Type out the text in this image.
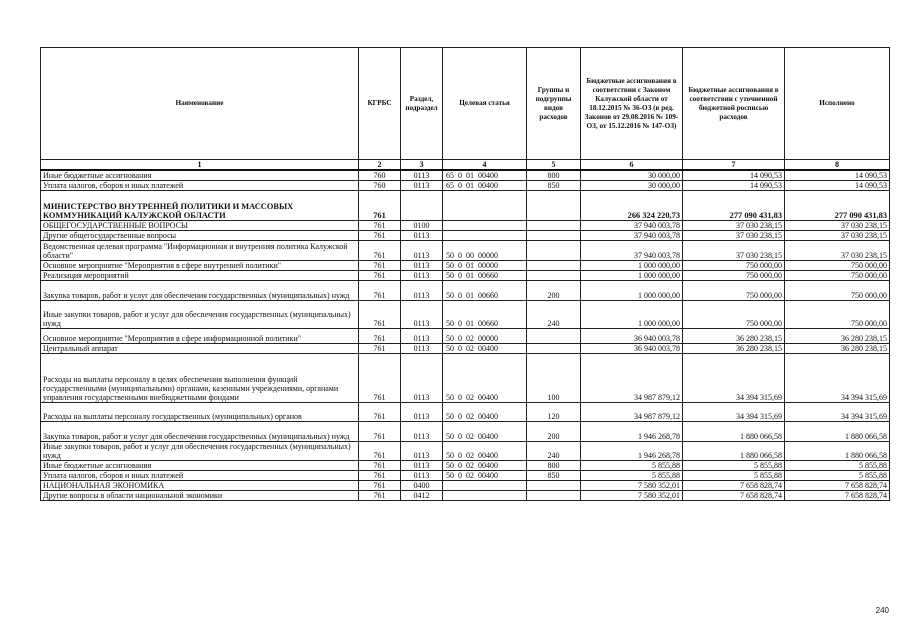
Наименование	КГРБС	Раздел, подраздел	Целевая статья	Группы и подгруппы видов расходов	Бюджетные ассигнования в соответствии с Законом Калужской области от 18.12.2015 № 36-ОЗ (в ред. Законов от 29.08.2016 № 109-ОЗ, от 15.12.2016 № 147-ОЗ)	Бюджетные ассигнования в соответствии с уточненной бюджетной росписью расходов	Исполнено
1	2	3	4	5	6	7	8
Иные бюджетные ассигнования	760	0113	65  0  01  00400	800	30 000,00	14 090,53	14 090,53
Уплата налогов, сборов и иных платежей	760	0113	65  0  01  00400	850	30 000,00	14 090,53	14 090,53
МИНИСТЕРСТВО ВНУТРЕННЕЙ ПОЛИТИКИ И МАССОВЫХ КОММУНИКАЦИЙ КАЛУЖСКОЙ ОБЛАСТИ	761				266 324 220,73	277 090 431,83	277 090 431,83
ОБЩЕГОСУДАРСТВЕННЫЕ ВОПРОСЫ	761	0100			37 940 003,78	37 030 238,15	37 030 238,15
Другие общегосударственные вопросы	761	0113			37 940 003,78	37 030 238,15	37 030 238,15
Ведомственная целевая программа "Информационная и внутренняя политика Калужской области"	761	0113	50  0  00  00000		37 940 003,78	37 030 238,15	37 030 238,15
Основное мероприятие "Мероприятия в сфере внутренней политики"	761	0113	50  0  01  00000		1 000 000,00	750 000,00	750 000,00
Реализация мероприятий	761	0113	50  0  01  00660		1 000 000,00	750 000,00	750 000,00
Закупка товаров, работ и услуг для обеспечения государственных (муниципальных) нужд	761	0113	50  0  01  00660	200	1 000 000,00	750 000,00	750 000,00
Иные закупки товаров, работ и услуг для обеспечения государственных (муниципальных) нужд	761	0113	50  0  01  00660	240	1 000 000,00	750 000,00	750 000,00
Основное мероприятие "Мероприятия в сфере информационной политики"	761	0113	50  0  02  00000		36 940 003,78	36 280 238,15	36 280 238,15
Центральный аппарат	761	0113	50  0  02  00400		36 940 003,78	36 280 238,15	36 280 238,15
Расходы на выплаты персоналу в целях обеспечения выполнения функций государственными (муниципальными) органами, казенными учреждениями, органами управления государственными внебюджетными фондами	761	0113	50  0  02  00400	100	34 987 879,12	34 394 315,69	34 394 315,69
Расходы на выплаты персоналу государственных (муниципальных) органов	761	0113	50  0  02  00400	120	34 987 879,12	34 394 315,69	34 394 315,69
Закупка товаров, работ и услуг для обеспечения государственных (муниципальных) нужд	761	0113	50  0  02  00400	200	1 946 268,78	1 880 066,58	1 880 066,58
Иные закупки товаров, работ и услуг для обеспечения государственных (муниципальных) нужд	761	0113	50  0  02  00400	240	1 946 268,78	1 880 066,58	1 880 066,58
Иные бюджетные ассигнования	761	0113	50  0  02  00400	800	5 855,88	5 855,88	5 855,88
Уплата налогов, сборов и иных платежей	761	0113	50  0  02  00400	850	5 855,88	5 855,88	5 855,88
НАЦИОНАЛЬНАЯ ЭКОНОМИКА	761	0400			7 580 352,01	7 658 828,74	7 658 828,74
Другие вопросы в области национальной экономики	761	0412			7 580 352,01	7 658 828,74	7 658 828,74
240
